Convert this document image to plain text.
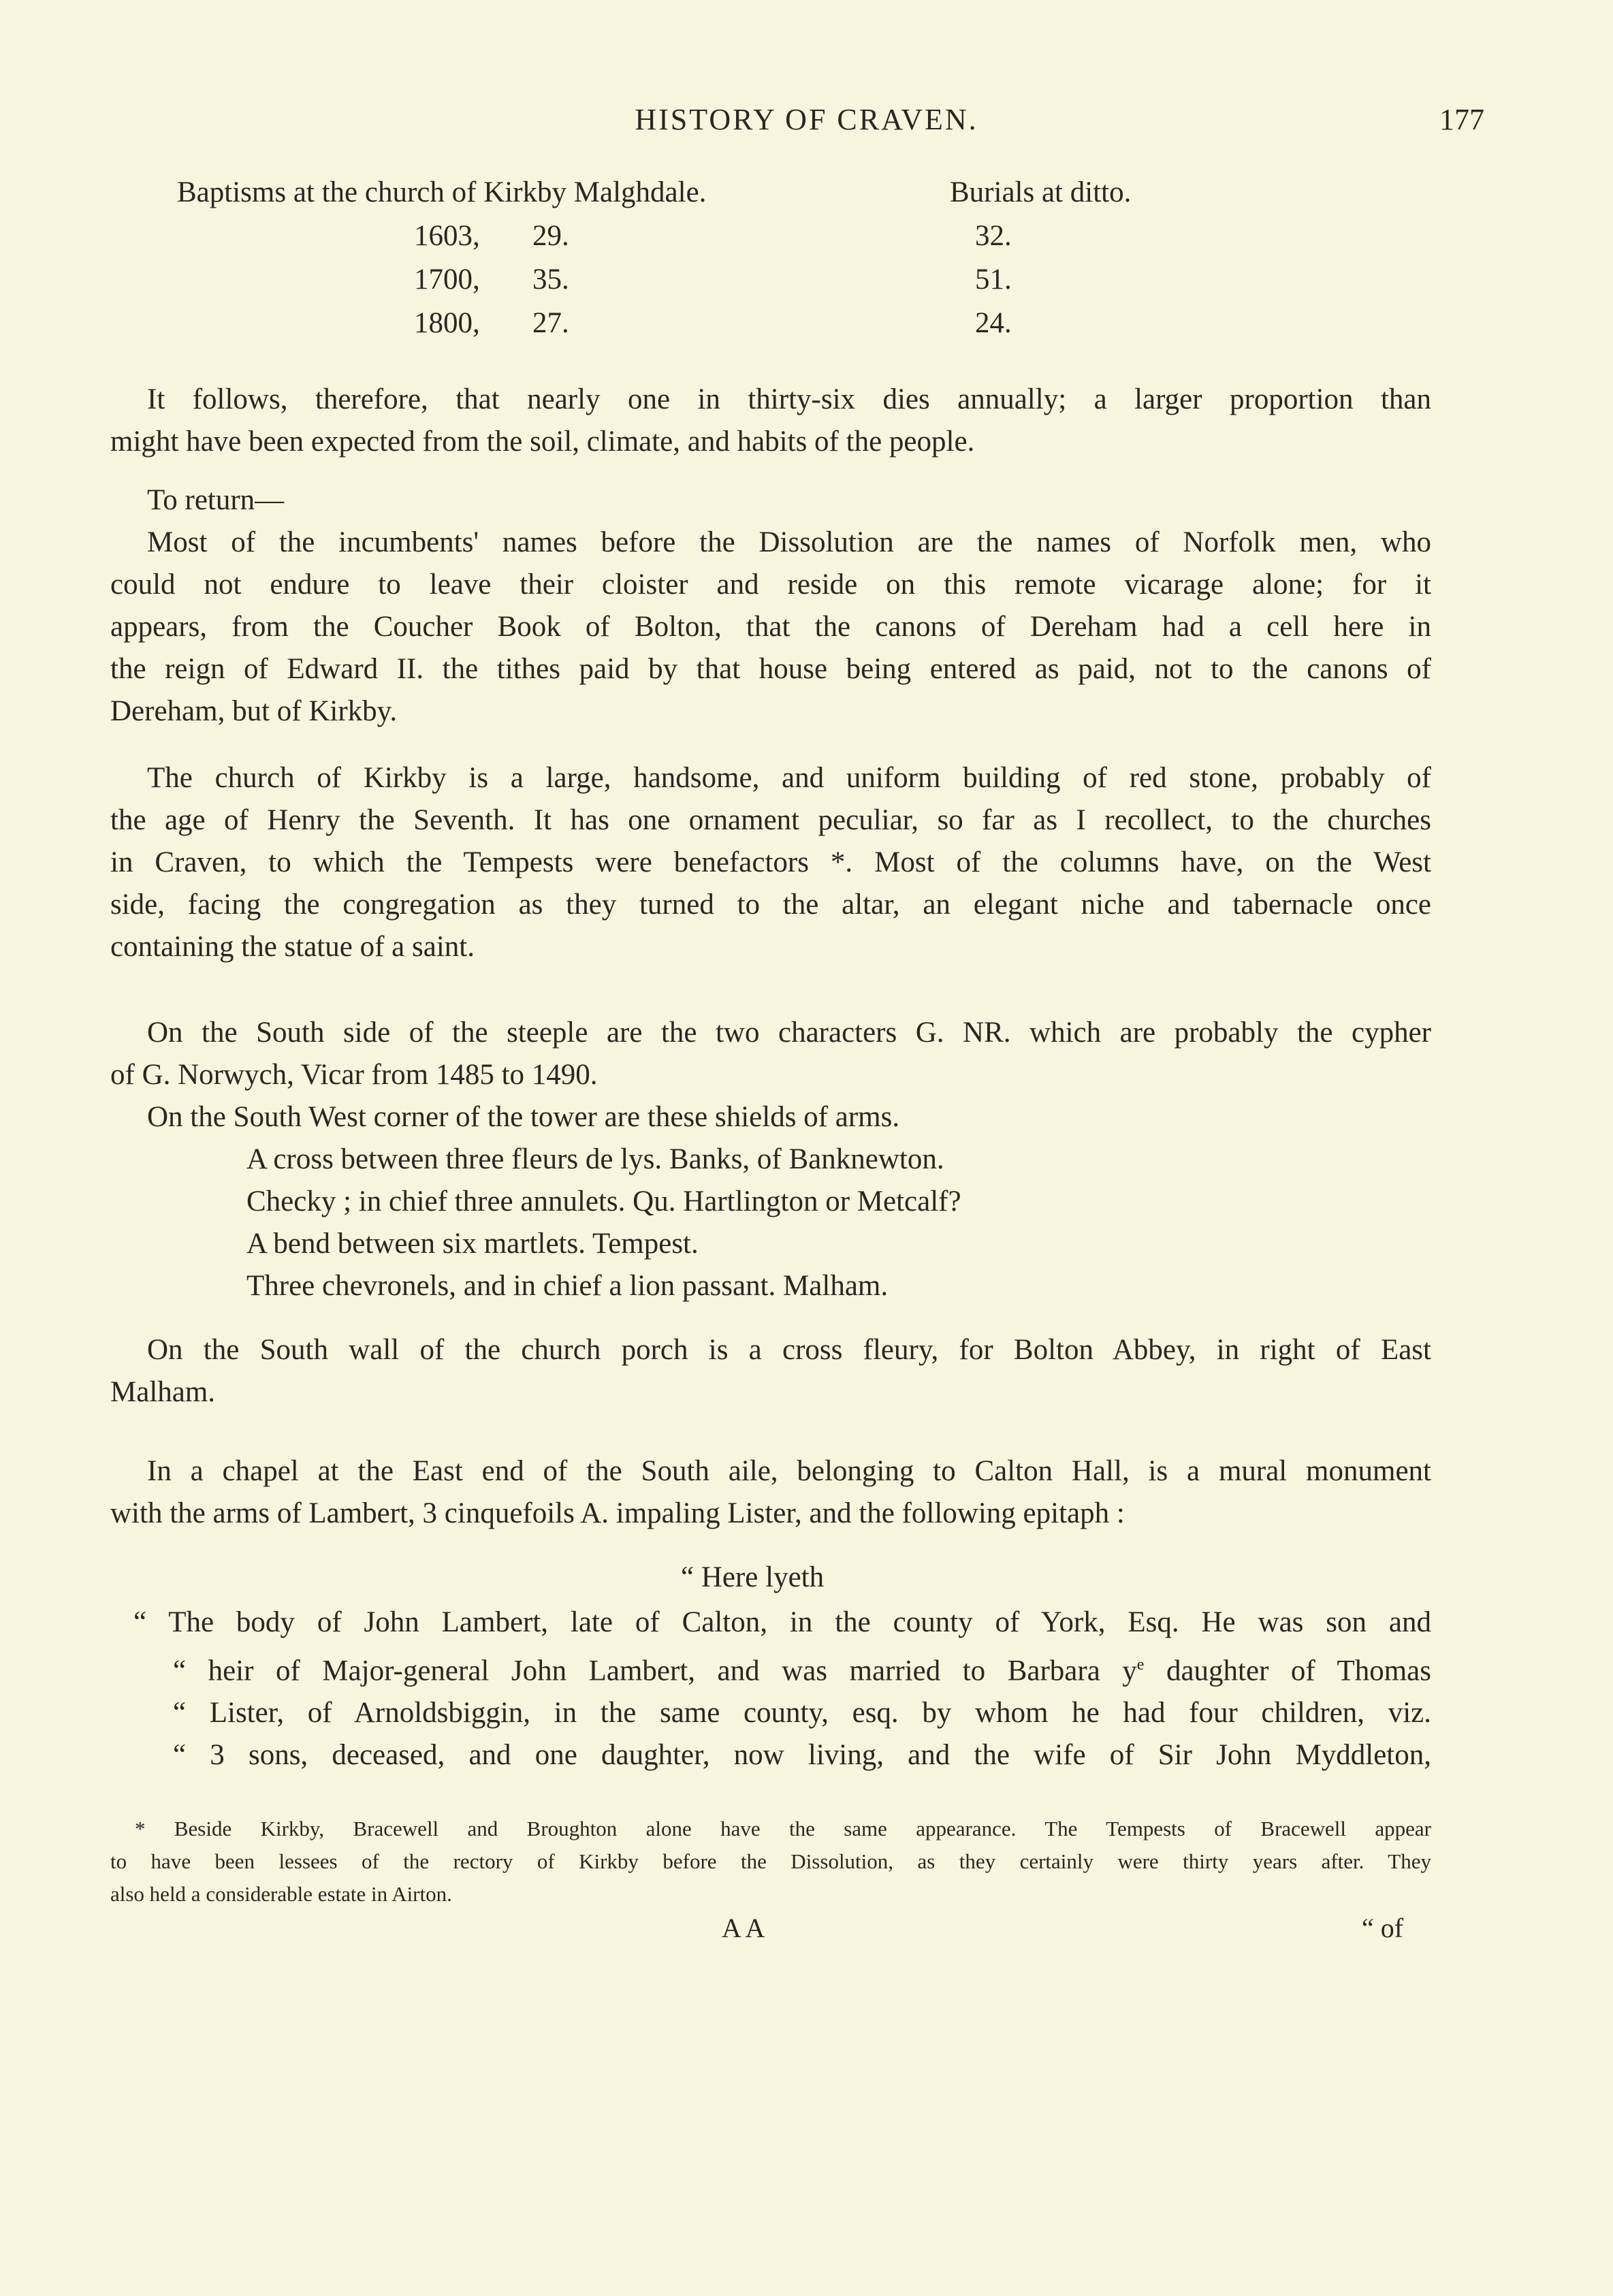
HISTORY OF CRAVEN.	177
Baptisms at the church of Kirkby Malghdale.	Burials at ditto.
1603, 29.	32.
1700, 35.	51.
1800, 27.	24.
It follows, therefore, that nearly one in thirty-six dies annually; a larger proportion than
might have been expected from the soil, climate, and habits of the people.
To return—
Most of the incumbents' names before the Dissolution are the names of Norfolk men, who
could not endure to leave their cloister and reside on this remote vicarage alone; for it
appears, from the Coucher Book of Bolton, that the canons of Dereham had a cell here in
the reign of Edward II. the tithes paid by that house being entered as paid, not to the canons of
Dereham, but of Kirkby.
The church of Kirkby is a large, handsome, and uniform building of red stone, probably of
the age of Henry the Seventh. It has one ornament peculiar, so far as I recollect, to the churches
in Craven, to which the Tempests were benefactors *. Most of the columns have, on the West
side, facing the congregation as they turned to the altar, an elegant niche and tabernacle once
containing the statue of a saint.
On the South side of the steeple are the two characters G. NR. which are probably the cypher
of G. Norwych, Vicar from 1485 to 1490.
On the South West corner of the tower are these shields of arms.
A cross between three fleurs de lys. Banks, of Banknewton.
Checky ; in chief three annulets. Qu. Hartlington or Metcalf?
A bend between six martlets. Tempest.
Three chevronels, and in chief a lion passant. Malham.
On the South wall of the church porch is a cross fleury, for Bolton Abbey, in right of East
Malham.
In a chapel at the East end of the South aile, belonging to Calton Hall, is a mural monument
with the arms of Lambert, 3 cinquefoils A. impaling Lister, and the following epitaph :
“ Here lyeth
“ The body of John Lambert, late of Calton, in the county of York, Esq. He was son and
“ heir of Major-general John Lambert, and was married to Barbara $y^e$ daughter of Thomas
“ Lister, of Arnoldsbiggin, in the same county, esq. by whom he had four children, viz.
“ 3 sons, deceased, and one daughter, now living, and the wife of Sir John Myddleton,
* Beside Kirkby, Bracewell and Broughton alone have the same appearance. The Tempests of Bracewell appear
to have been lessees of the rectory of Kirkby before the Dissolution, as they certainly were thirty years after. They
also held a considerable estate in Airton.
A A	“ of
